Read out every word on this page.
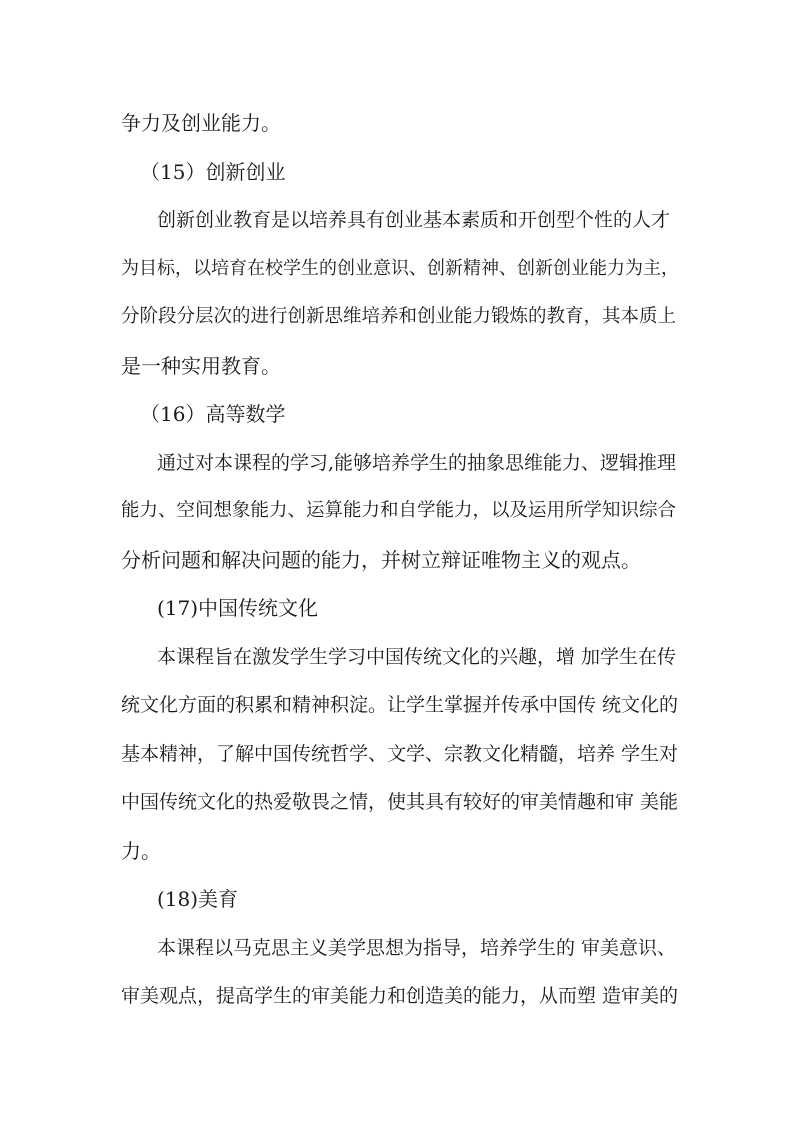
争力及创业能力。

（15）创新创业

创新创业教育是以培养具有创业基本素质和开创型个性的人才

为目标，以培育在校学生的创业意识、创新精神、创新创业能力为主，

分阶段分层次的进行创新思维培养和创业能力锻炼的教育，其本质上

是一种实用教育。

（16）高等数学

通过对本课程的学习,能够培养学生的抽象思维能力、逻辑推理

能力、空间想象能力、运算能力和自学能力，以及运用所学知识综合

分析问题和解决问题的能力，并树立辩证唯物主义的观点。

(17)中国传统文化

本课程旨在激发学生学习中国传统文化的兴趣，增 加学生在传

统文化方面的积累和精神积淀。让学生掌握并传承中国传 统文化的

基本精神，了解中国传统哲学、文学、宗教文化精髓，培养 学生对

中国传统文化的热爱敬畏之情，使其具有较好的审美情趣和审 美能

力。

(18)美育

本课程以马克思主义美学思想为指导，培养学生的 审美意识、

审美观点，提高学生的审美能力和创造美的能力，从而塑 造审美的
